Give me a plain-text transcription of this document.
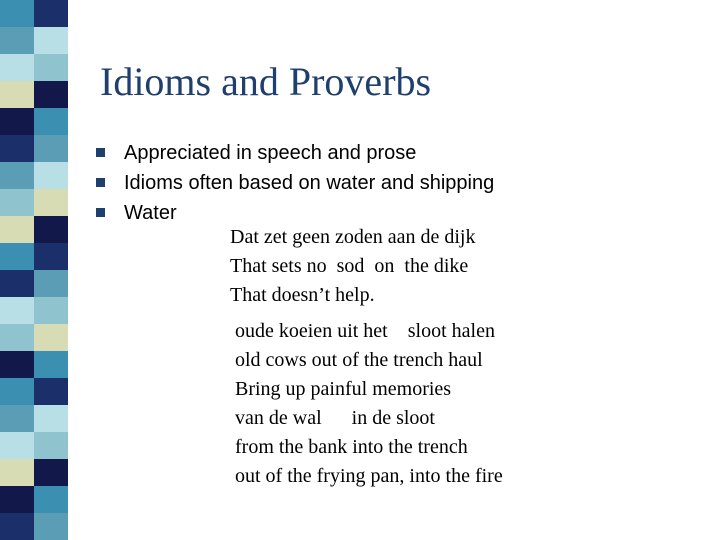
Idioms and Proverbs
Appreciated in speech and prose
Idioms often based on water and shipping
Water
Dat zet geen zoden aan de dijk
That sets no  sod  on  the dike
That doesn’t help.
oude koeien uit het    sloot halen
old cows out of the trench haul
Bring up painful memories
van de wal      in de sloot
from the bank into the trench
out of the frying pan, into the fire
